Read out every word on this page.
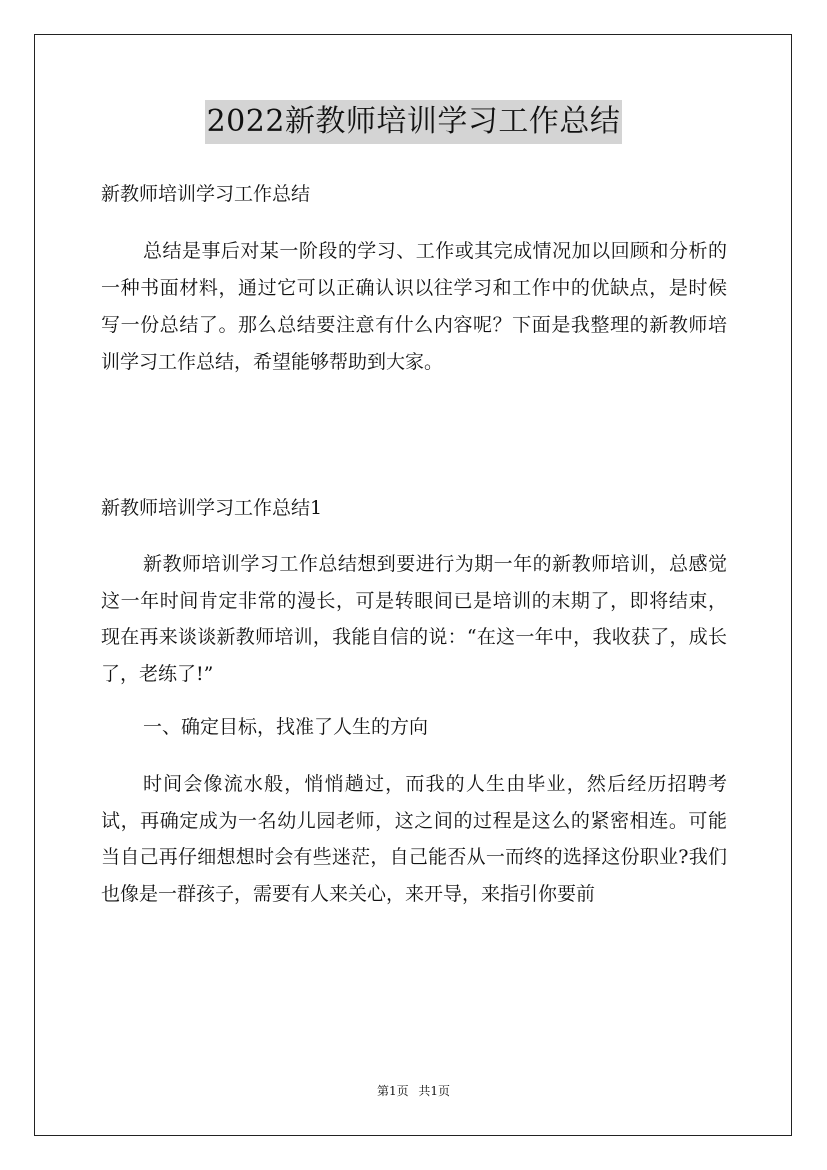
2022新教师培训学习工作总结

新教师培训学习工作总结

总结是事后对某一阶段的学习、工作或其完成情况加以回顾和分析的一种书面材料，通过它可以正确认识以往学习和工作中的优缺点，是时候写一份总结了。那么总结要注意有什么内容呢？下面是我整理的新教师培训学习工作总结，希望能够帮助到大家。

新教师培训学习工作总结1

新教师培训学习工作总结想到要进行为期一年的新教师培训，总感觉这一年时间肯定非常的漫长，可是转眼间已是培训的末期了，即将结束，现在再来谈谈新教师培训，我能自信的说：“在这一年中，我收获了，成长了，老练了!”

一、确定目标，找准了人生的方向

时间会像流水般，悄悄趟过，而我的人生由毕业，然后经历招聘考试，再确定成为一名幼儿园老师，这之间的过程是这么的紧密相连。可能当自己再仔细想想时会有些迷茫，自己能否从一而终的选择这份职业?我们也像是一群孩子，需要有人来关心，来开导，来指引你要前

第1页 共1页
